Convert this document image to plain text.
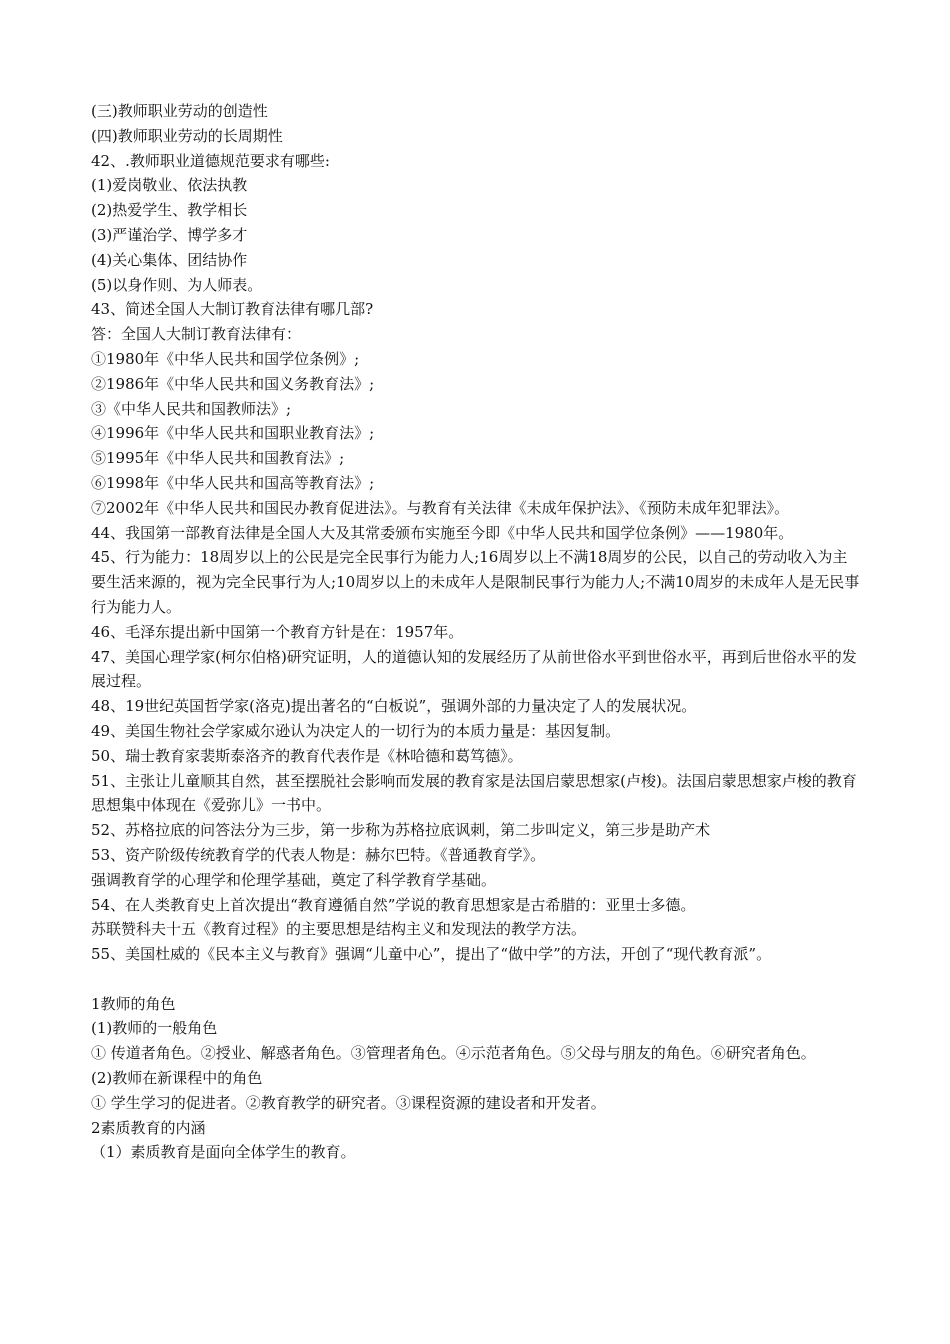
(三)教师职业劳动的创造性

(四)教师职业劳动的长周期性

42、.教师职业道德规范要求有哪些:

(1)爱岗敬业、依法执教

(2)热爱学生、教学相长

(3)严谨治学、博学多才

(4)关心集体、团结协作

(5)以身作则、为人师表。

43、简述全国人大制订教育法律有哪几部?

答：全国人大制订教育法律有：

①1980年《中华人民共和国学位条例》;

②1986年《中华人民共和国义务教育法》;

③《中华人民共和国教师法》;

④1996年《中华人民共和国职业教育法》;

⑤1995年《中华人民共和国教育法》;

⑥1998年《中华人民共和国高等教育法》;

⑦2002年《中华人民共和国民办教育促进法》。与教育有关法律《未成年保护法》、《预防未成年犯罪法》。

44、我国第一部教育法律是全国人大及其常委颁布实施至今即《中华人民共和国学位条例》——1980年。

45、行为能力：18周岁以上的公民是完全民事行为能力人;16周岁以上不满18周岁的公民，以自己的劳动收入为主要生活来源的，视为完全民事行为人;10周岁以上的未成年人是限制民事行为能力人;不满10周岁的未成年人是无民事行为能力人。

46、毛泽东提出新中国第一个教育方针是在：1957年。

47、美国心理学家(柯尔伯格)研究证明，人的道德认知的发展经历了从前世俗水平到世俗水平，再到后世俗水平的发展过程。

48、19世纪英国哲学家(洛克)提出著名的“白板说”，强调外部的力量决定了人的发展状况。

49、美国生物社会学家威尔逊认为决定人的一切行为的本质力量是：基因复制。

50、瑞士教育家裴斯泰洛齐的教育代表作是《林哈德和葛笃德》。

51、主张让儿童顺其自然，甚至摆脱社会影响而发展的教育家是法国启蒙思想家(卢梭)。法国启蒙思想家卢梭的教育思想集中体现在《爱弥儿》一书中。

52、苏格拉底的问答法分为三步，第一步称为苏格拉底讽刺，第二步叫定义，第三步是助产术

53、资产阶级传统教育学的代表人物是：赫尔巴特。《普通教育学》。

强调教育学的心理学和伦理学基础，奠定了科学教育学基础。

54、在人类教育史上首次提出“教育遵循自然”学说的教育思想家是古希腊的：亚里士多德。

苏联赞科夫十五《教育过程》的主要思想是结构主义和发现法的教学方法。

55、美国杜威的《民本主义与教育》强调“儿童中心”，提出了“做中学”的方法，开创了“现代教育派”。

1教师的角色

(1)教师的一般角色

① 传道者角色。②授业、解惑者角色。③管理者角色。④示范者角色。⑤父母与朋友的角色。⑥研究者角色。

(2)教师在新课程中的角色

① 学生学习的促进者。②教育教学的研究者。③课程资源的建设者和开发者。

2素质教育的内涵

（1）素质教育是面向全体学生的教育。
